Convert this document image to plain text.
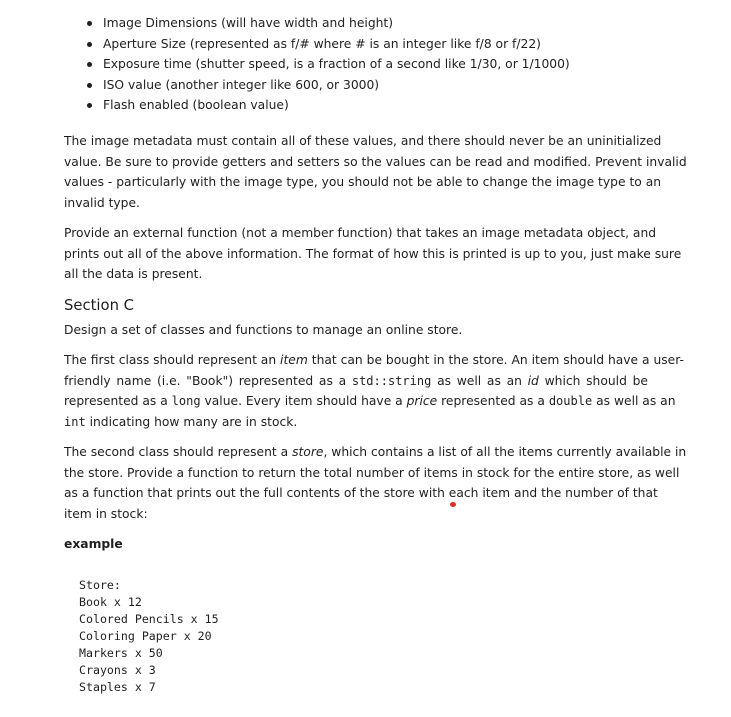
Image Dimensions (will have width and height)
Aperture Size (represented as f/# where # is an integer like f/8 or f/22)
Exposure time (shutter speed, is a fraction of a second like 1/30, or 1/1000)
ISO value (another integer like 600, or 3000)
Flash enabled (boolean value)

The image metadata must contain all of these values, and there should never be an uninitialized
value. Be sure to provide getters and setters so the values can be read and modified. Prevent invalid
values - particularly with the image type, you should not be able to change the image type to an
invalid type.

Provide an external function (not a member function) that takes an image metadata object, and
prints out all of the above information. The format of how this is printed is up to you, just make sure
all the data is present.

Section C

Design a set of classes and functions to manage an online store.

The first class should represent an item that can be bought in the store. An item should have a user-
friendly name (i.e. "Book") represented as a std::string as well as an id which should be
represented as a long value. Every item should have a price represented as a double as well as an
int indicating how many are in stock.

The second class should represent a store, which contains a list of all the items currently available in
the store. Provide a function to return the total number of items in stock for the entire store, as well
as a function that prints out the full contents of the store with each item and the number of that
item in stock:

example
Store:
Book x 12
Colored Pencils x 15
Coloring Paper x 20
Markers x 50
Crayons x 3
Staples x 7
